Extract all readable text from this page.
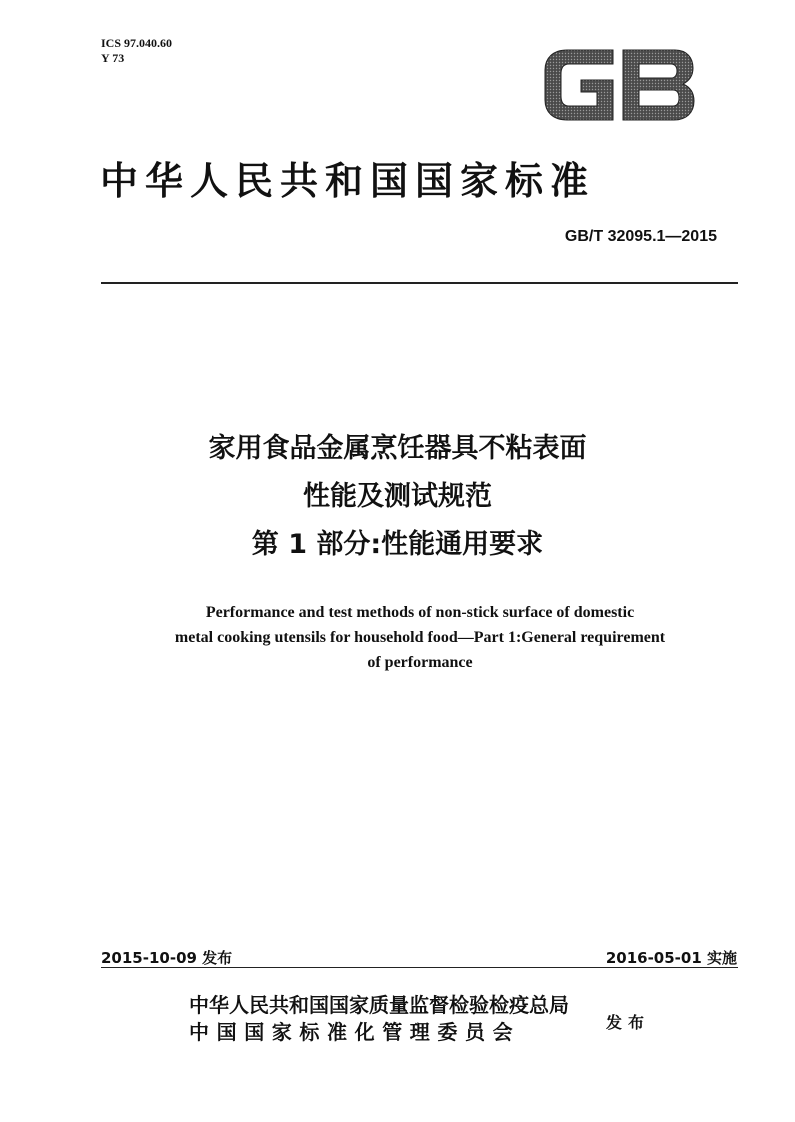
ICS 97.040.60
Y 73
中华人民共和国国家标准
GB/T 32095.1—2015
家用食品金属烹饪器具不粘表面
性能及测试规范
第 1 部分:性能通用要求
Performance and test methods of non-stick surface of domestic
metal cooking utensils for household food—Part 1:General requirement
of performance
2015-10-09 发布	2016-05-01 实施
中华人民共和国国家质量监督检验检疫总局
中国国家标准化管理委员会	发布
